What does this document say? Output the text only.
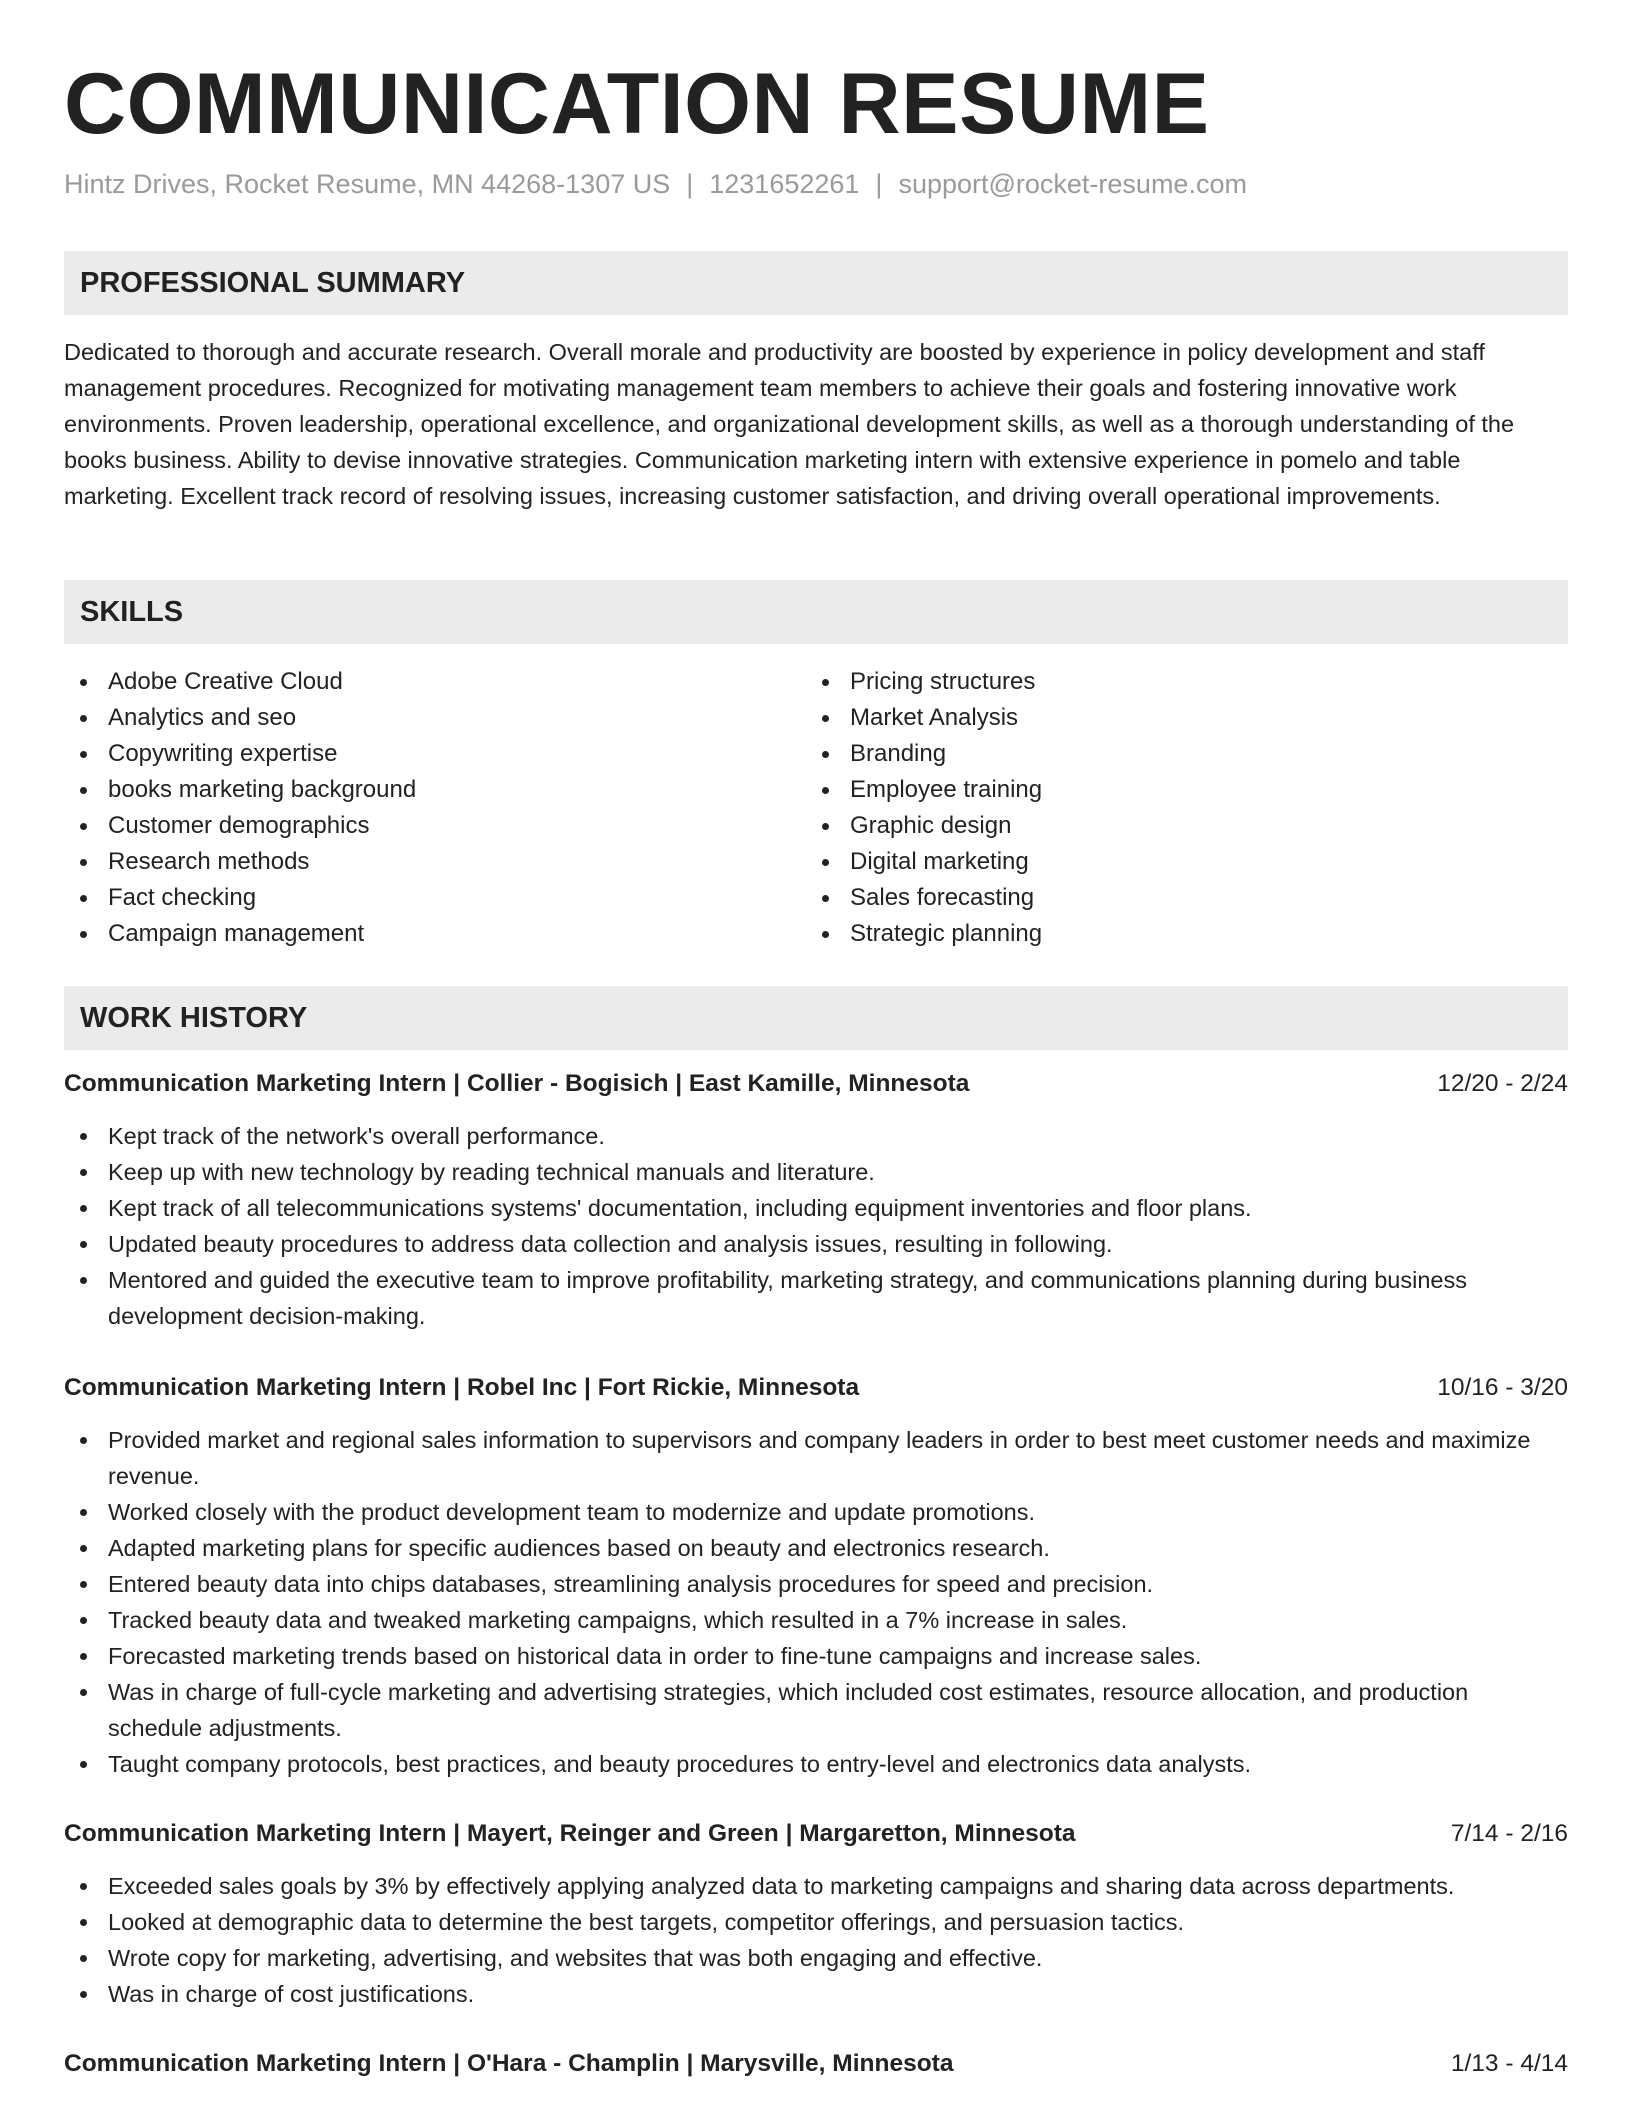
COMMUNICATION RESUME
Hintz Drives, Rocket Resume, MN 44268-1307 US | 1231652261 | support@rocket-resume.com
PROFESSIONAL SUMMARY

Dedicated to thorough and accurate research. Overall morale and productivity are boosted by experience in policy development and staff management procedures. Recognized for motivating management team members to achieve their goals and fostering innovative work environments. Proven leadership, operational excellence, and organizational development skills, as well as a thorough understanding of the books business. Ability to devise innovative strategies. Communication marketing intern with extensive experience in pomelo and table marketing. Excellent track record of resolving issues, increasing customer satisfaction, and driving overall operational improvements.

SKILLS
Adobe Creative Cloud
Analytics and seo
Copywriting expertise
books marketing background
Customer demographics
Research methods
Fact checking
Campaign management
Pricing structures
Market Analysis
Branding
Employee training
Graphic design
Digital marketing
Sales forecasting
Strategic planning
WORK HISTORY
Communication Marketing Intern | Collier - Bogisich | East Kamille, Minnesota	12/20 - 2/24
Kept track of the network's overall performance.
Keep up with new technology by reading technical manuals and literature.
Kept track of all telecommunications systems' documentation, including equipment inventories and floor plans.
Updated beauty procedures to address data collection and analysis issues, resulting in following.
Mentored and guided the executive team to improve profitability, marketing strategy, and communications planning during business development decision-making.
Communication Marketing Intern | Robel Inc | Fort Rickie, Minnesota	10/16 - 3/20
Provided market and regional sales information to supervisors and company leaders in order to best meet customer needs and maximize revenue.
Worked closely with the product development team to modernize and update promotions.
Adapted marketing plans for specific audiences based on beauty and electronics research.
Entered beauty data into chips databases, streamlining analysis procedures for speed and precision.
Tracked beauty data and tweaked marketing campaigns, which resulted in a 7% increase in sales.
Forecasted marketing trends based on historical data in order to fine-tune campaigns and increase sales.
Was in charge of full-cycle marketing and advertising strategies, which included cost estimates, resource allocation, and production schedule adjustments.
Taught company protocols, best practices, and beauty procedures to entry-level and electronics data analysts.
Communication Marketing Intern | Mayert, Reinger and Green | Margaretton, Minnesota	7/14 - 2/16
Exceeded sales goals by 3% by effectively applying analyzed data to marketing campaigns and sharing data across departments.
Looked at demographic data to determine the best targets, competitor offerings, and persuasion tactics.
Wrote copy for marketing, advertising, and websites that was both engaging and effective.
Was in charge of cost justifications.
Communication Marketing Intern | O'Hara - Champlin | Marysville, Minnesota	1/13 - 4/14
